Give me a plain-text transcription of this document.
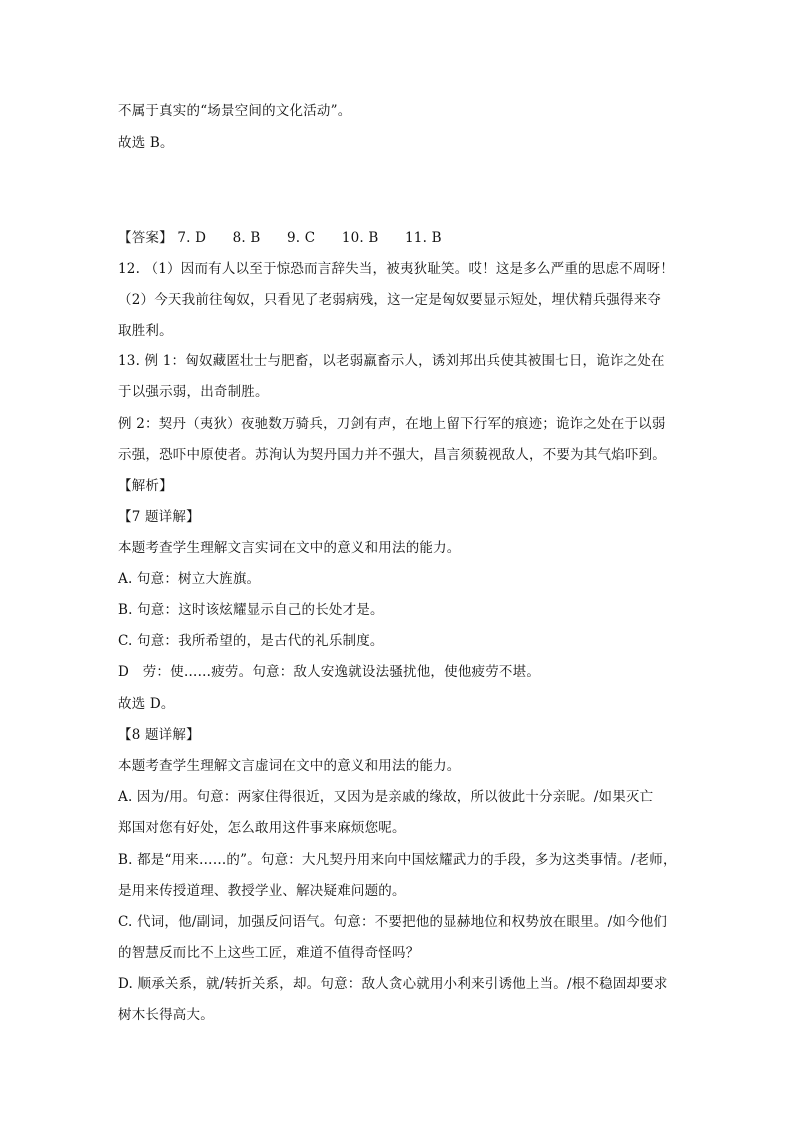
不属于真实的“场景空间的文化活动”。
故选 B。
【答案】 7. D 8. B 9. C 10. B 11. B
12. （1）因而有人以至于惊恐而言辞失当，被夷狄耻笑。哎！这是多么严重的思虑不周呀！
（2）今天我前往匈奴，只看见了老弱病残，这一定是匈奴要显示短处，埋伏精兵强得来夺
取胜利。
13. 例 1：匈奴藏匿壮士与肥畜，以老弱羸畜示人，诱刘邦出兵使其被围七日，诡诈之处在
于以强示弱，出奇制胜。
例 2：契丹（夷狄）夜驰数万骑兵，刀剑有声，在地上留下行军的痕迹；诡诈之处在于以弱
示强，恐吓中原使者。苏洵认为契丹国力并不强大，昌言须藐视敌人，不要为其气焰吓到。
【解析】
【7 题详解】
本题考查学生理解文言实词在文中的意义和用法的能力。
A. 句意：树立大旌旗。
B. 句意：这时该炫耀显示自己的长处才是。
C. 句意：我所希望的，是古代的礼乐制度。
D　劳：使……疲劳。句意：敌人安逸就设法骚扰他，使他疲劳不堪。
故选 D。
【8 题详解】
本题考查学生理解文言虚词在文中的意义和用法的能力。
A. 因为/用。句意：两家住得很近，又因为是亲戚的缘故，所以彼此十分亲昵。/如果灭亡
郑国对您有好处，怎么敢用这件事来麻烦您呢。
B. 都是“用来……的”。句意：大凡契丹用来向中国炫耀武力的手段，多为这类事情。/老师，
是用来传授道理、教授学业、解决疑难问题的。
C. 代词，他/副词，加强反问语气。句意：不要把他的显赫地位和权势放在眼里。/如今他们
的智慧反而比不上这些工匠，难道不值得奇怪吗？
D. 顺承关系，就/转折关系，却。句意：敌人贪心就用小利来引诱他上当。/根不稳固却要求
树木长得高大。
